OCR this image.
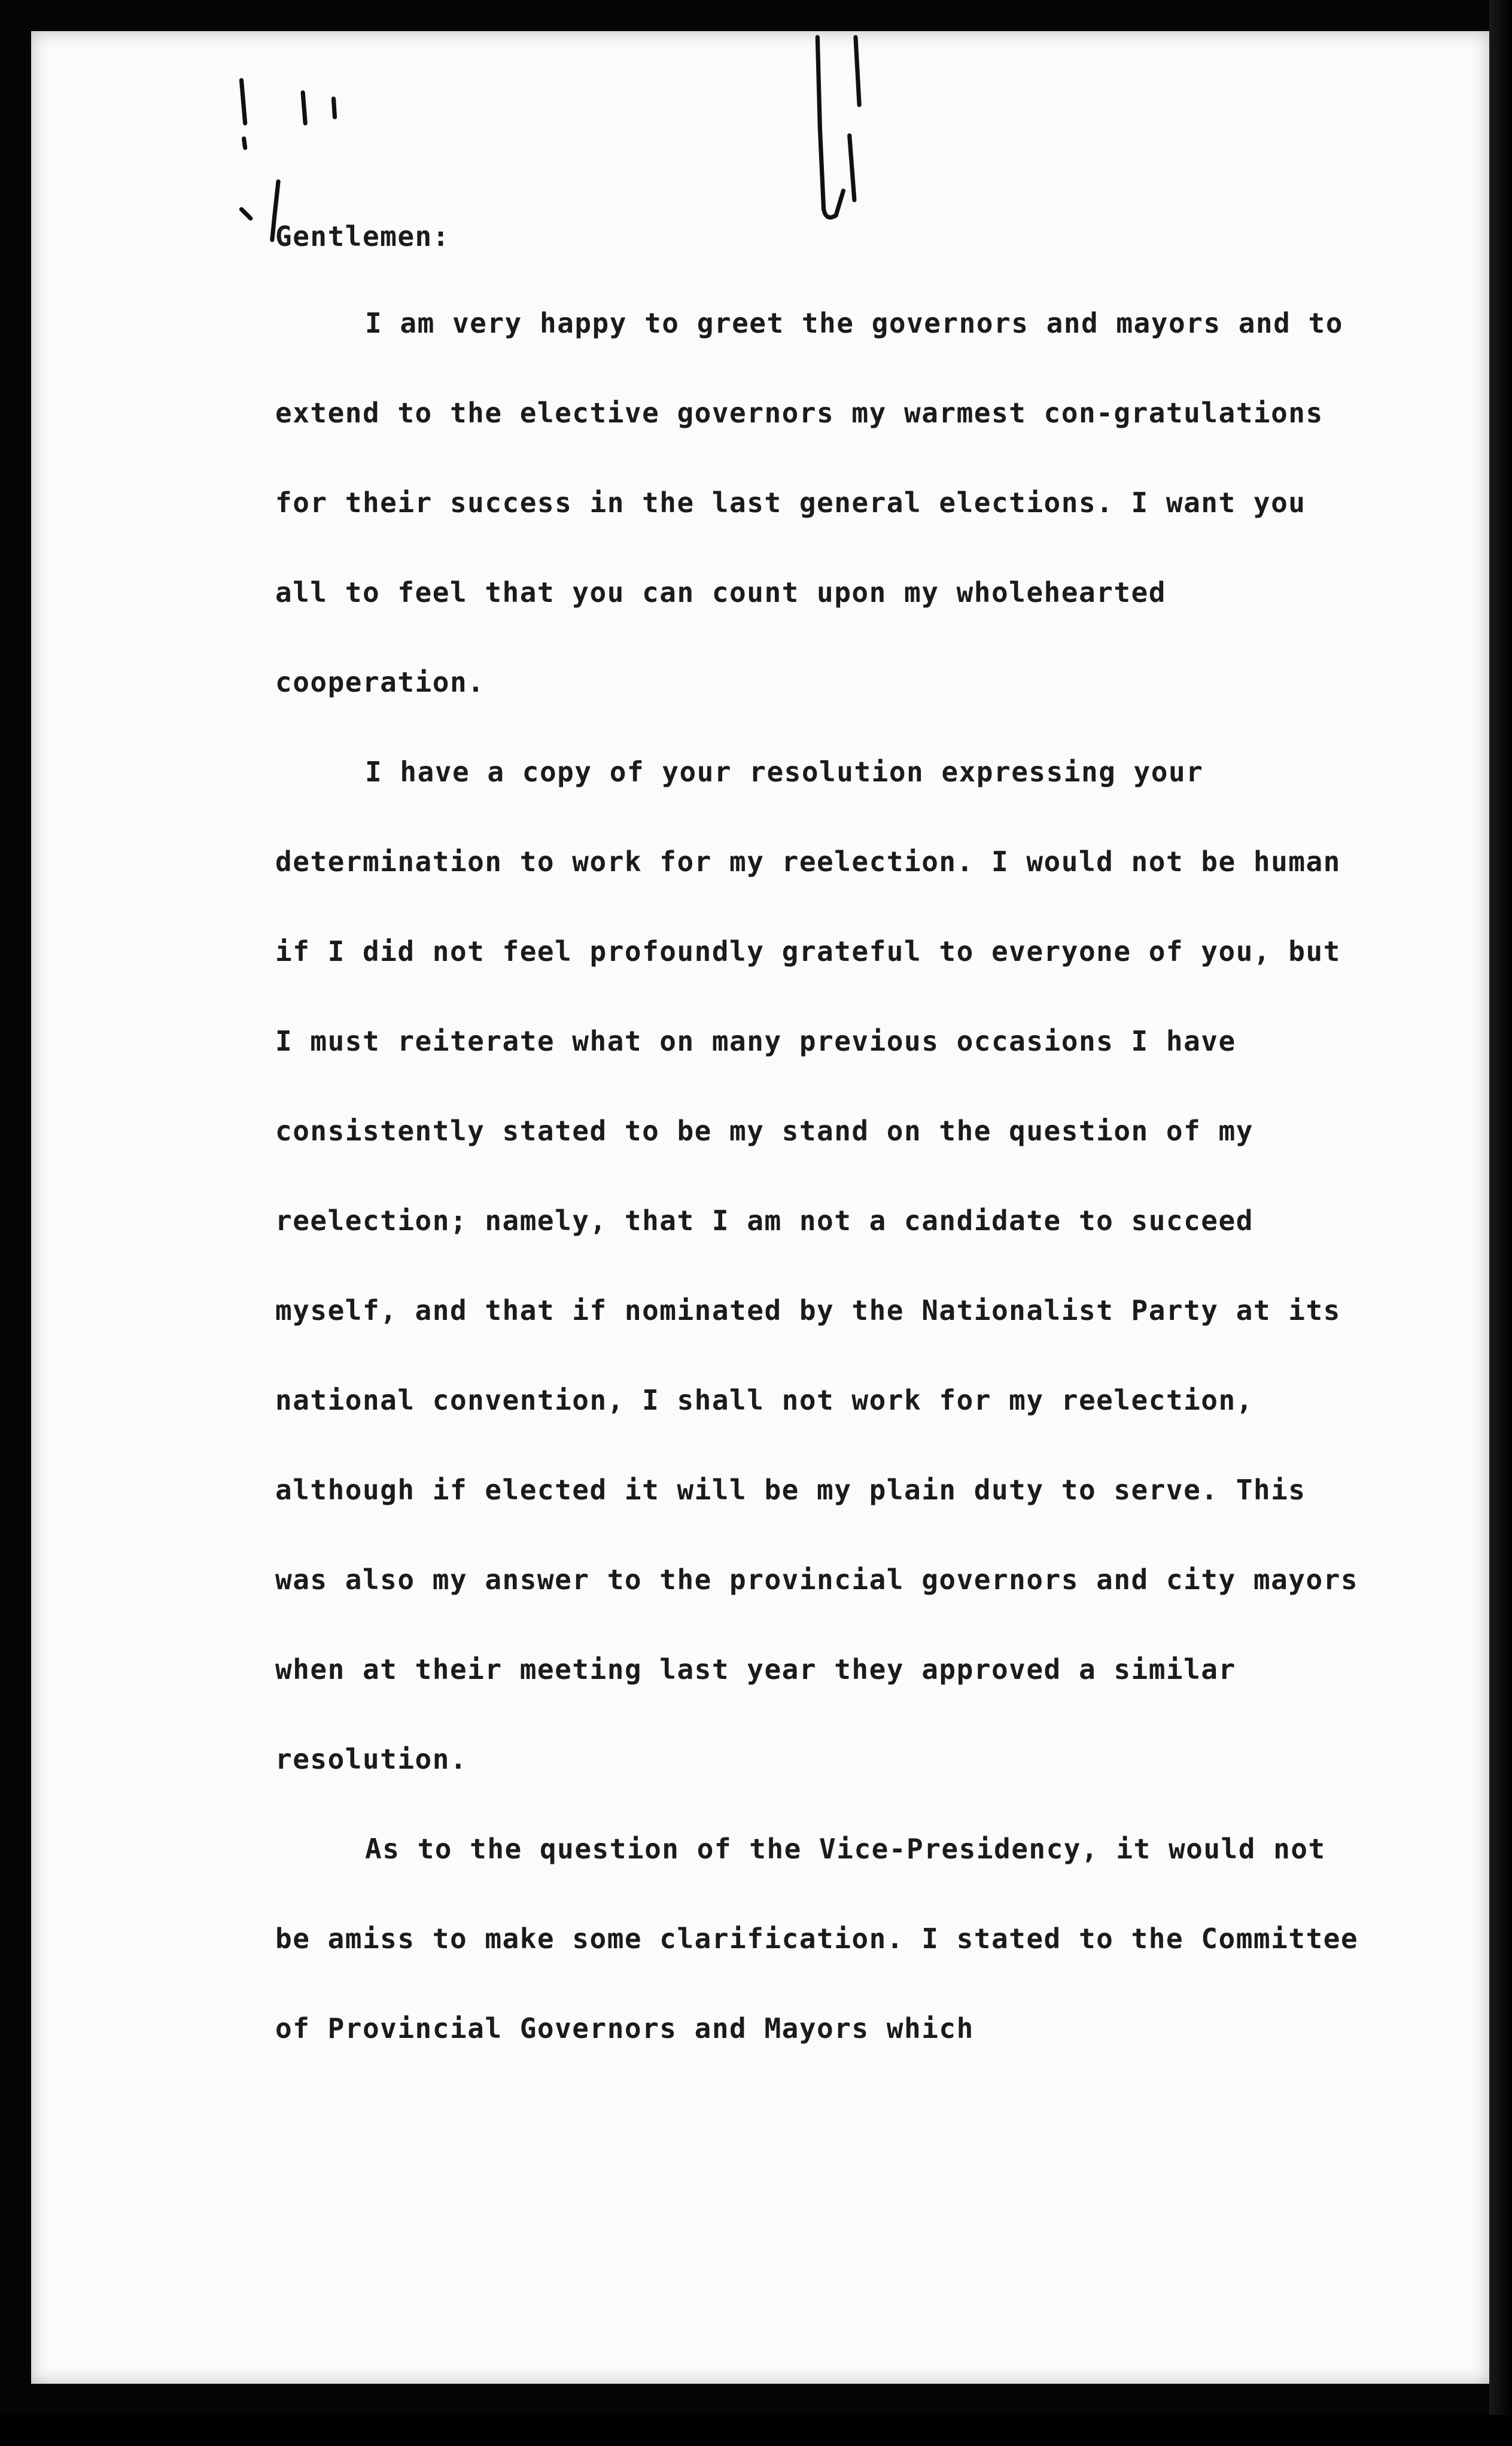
Gentlemen:

I am very happy to greet the governors and mayors and to extend to the elective governors my warmest con-gratulations for their success in the last general elections. I want you all to feel that you can count upon my wholehearted cooperation.

I have a copy of your resolution expressing your determination to work for my reelection. I would not be human if I did not feel profoundly grateful to everyone of you, but I must reiterate what on many previous occasions I have consistently stated to be my stand on the question of my reelection; namely, that I am not a candidate to succeed myself, and that if nominated by the Nationalist Party at its national convention, I shall not work for my reelection, although if elected it will be my plain duty to serve. This was also my answer to the provincial governors and city mayors when at their meeting last year they approved a similar resolution.

As to the question of the Vice-Presidency, it would not be amiss to make some clarification. I stated to the Committee of Provincial Governors and Mayors which
